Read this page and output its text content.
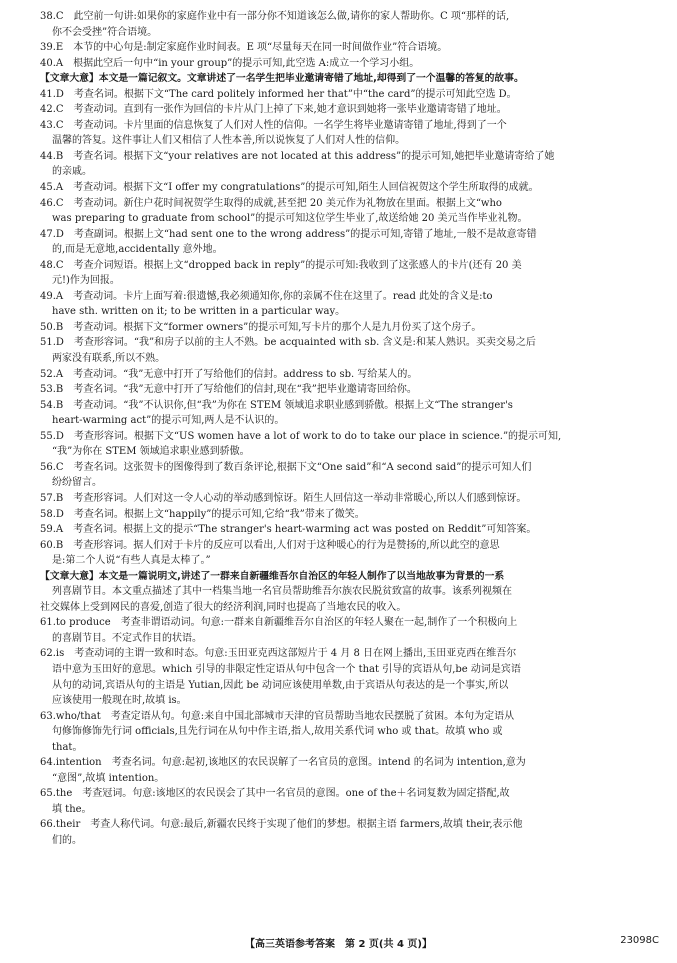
38.C　此空前一句讲:如果你的家庭作业中有一部分你不知道该怎么做,请你的家人帮助你。C 项“那样的话,
你不会受挫”符合语境。
39.E　本节的中心句是:制定家庭作业时间表。E 项“尽量每天在同一时间做作业”符合语境。
40.A　根据此空后一句中“in your group”的提示可知,此空选 A:成立一个学习小组。
【文章大意】本文是一篇记叙文。文章讲述了一名学生把毕业邀请寄错了地址,却得到了一个温馨的答复的故事。
41.D　考查名词。根据下文“The card politely informed her that”中“the card”的提示可知此空选 D。
42.C　考查动词。直到有一张作为回信的卡片从门上掉了下来,她才意识到她将一张毕业邀请寄错了地址。
43.C　考查动词。卡片里面的信息恢复了人们对人性的信仰。一名学生将毕业邀请寄错了地址,得到了一个
温馨的答复。这件事让人们又相信了人性本善,所以说恢复了人们对人性的信仰。
44.B　考查名词。根据下文“your relatives are not located at this address”的提示可知,她把毕业邀请寄给了她
的亲戚。
45.A　考查动词。根据下文“I offer my congratulations”的提示可知,陌生人回信祝贺这个学生所取得的成就。
46.C　考查动词。新住户花时间祝贺学生取得的成就,甚至把 20 美元作为礼物放在里面。根据上文“who
was preparing to graduate from school”的提示可知这位学生毕业了,故送给她 20 美元当作毕业礼物。
47.D　考查副词。根据上文“had sent one to the wrong address”的提示可知,寄错了地址,一般不是故意寄错
的,而是无意地,accidentally 意外地。
48.C　考查介词短语。根据上文“dropped back in reply”的提示可知:我收到了这张感人的卡片(还有 20 美
元!)作为回报。
49.A　考查动词。卡片上面写着:很遗憾,我必须通知你,你的亲属不住在这里了。read 此处的含义是:to
have sth. written on it; to be written in a particular way。
50.B　考查动词。根据下文“former owners”的提示可知,写卡片的那个人是九月份买了这个房子。
51.D　考查形容词。“我”和房子以前的主人不熟。be acquainted with sb. 含义是:和某人熟识。买卖交易之后
两家没有联系,所以不熟。
52.A　考查动词。“我”无意中打开了写给他们的信封。address to sb. 写给某人的。
53.B　考查名词。“我”无意中打开了写给他们的信封,现在“我”把毕业邀请寄回给你。
54.B　考查动词。“我”不认识你,但“我”为你在 STEM 领域追求职业感到骄傲。根据上文“The stranger's
heart-warming act”的提示可知,两人是不认识的。
55.D　考查形容词。根据下文“US women have a lot of work to do to take our place in science.”的提示可知,
“我”为你在 STEM 领域追求职业感到骄傲。
56.C　考查名词。这张贺卡的图像得到了数百条评论,根据下文“One said”和“A second said”的提示可知人们
纷纷留言。
57.B　考查形容词。人们对这一令人心动的举动感到惊讶。陌生人回信这一举动非常暖心,所以人们感到惊讶。
58.D　考查名词。根据上文“happily”的提示可知,它给“我”带来了微笑。
59.A　考查名词。根据上文的提示“The stranger's heart-warming act was posted on Reddit”可知答案。
60.B　考查形容词。据人们对于卡片的反应可以看出,人们对于这种暖心的行为是赞扬的,所以此空的意思
是:第二个人说“有些人真是太棒了。”
【文章大意】本文是一篇说明文,讲述了一群来自新疆维吾尔自治区的年轻人制作了以当地故事为背景的一系
列喜剧节目。本文重点描述了其中一档集当地一名官员帮助维吾尔族农民脱贫致富的故事。该系列视频在
社交媒体上受到网民的喜爱,创造了很大的经济利润,同时也提高了当地农民的收入。
61.to produce　考查非谓语动词。句意:一群来自新疆维吾尔自治区的年轻人聚在一起,制作了一个积极向上
的喜剧节目。不定式作目的状语。
62.is　考查动词的主谓一致和时态。句意:玉田亚克西这部短片于 4 月 8 日在网上播出,玉田亚克西在维吾尔
语中意为玉田好的意思。which 引导的非限定性定语从句中包含一个 that 引导的宾语从句,be 动词是宾语
从句的动词,宾语从句的主语是 Yutian,因此 be 动词应该使用单数,由于宾语从句表达的是一个事实,所以
应该使用一般现在时,故填 is。
63.who/that　考查定语从句。句意:来自中国北部城市天津的官员帮助当地农民摆脱了贫困。本句为定语从
句修饰修饰先行词 officials,且先行词在从句中作主语,指人,故用关系代词 who 或 that。故填 who 或
that。
64.intention　考查名词。句意:起初,该地区的农民误解了一名官员的意图。intend 的名词为 intention,意为
“意图”,故填 intention。
65.the　考查冠词。句意:该地区的农民误会了其中一名官员的意图。one of the＋名词复数为固定搭配,故
填 the。
66.their　考查人称代词。句意:最后,新疆农民终于实现了他们的梦想。根据主语 farmers,故填 their,表示他
们的。
【高三英语参考答案　第 2 页(共 4 页)】	23098C
